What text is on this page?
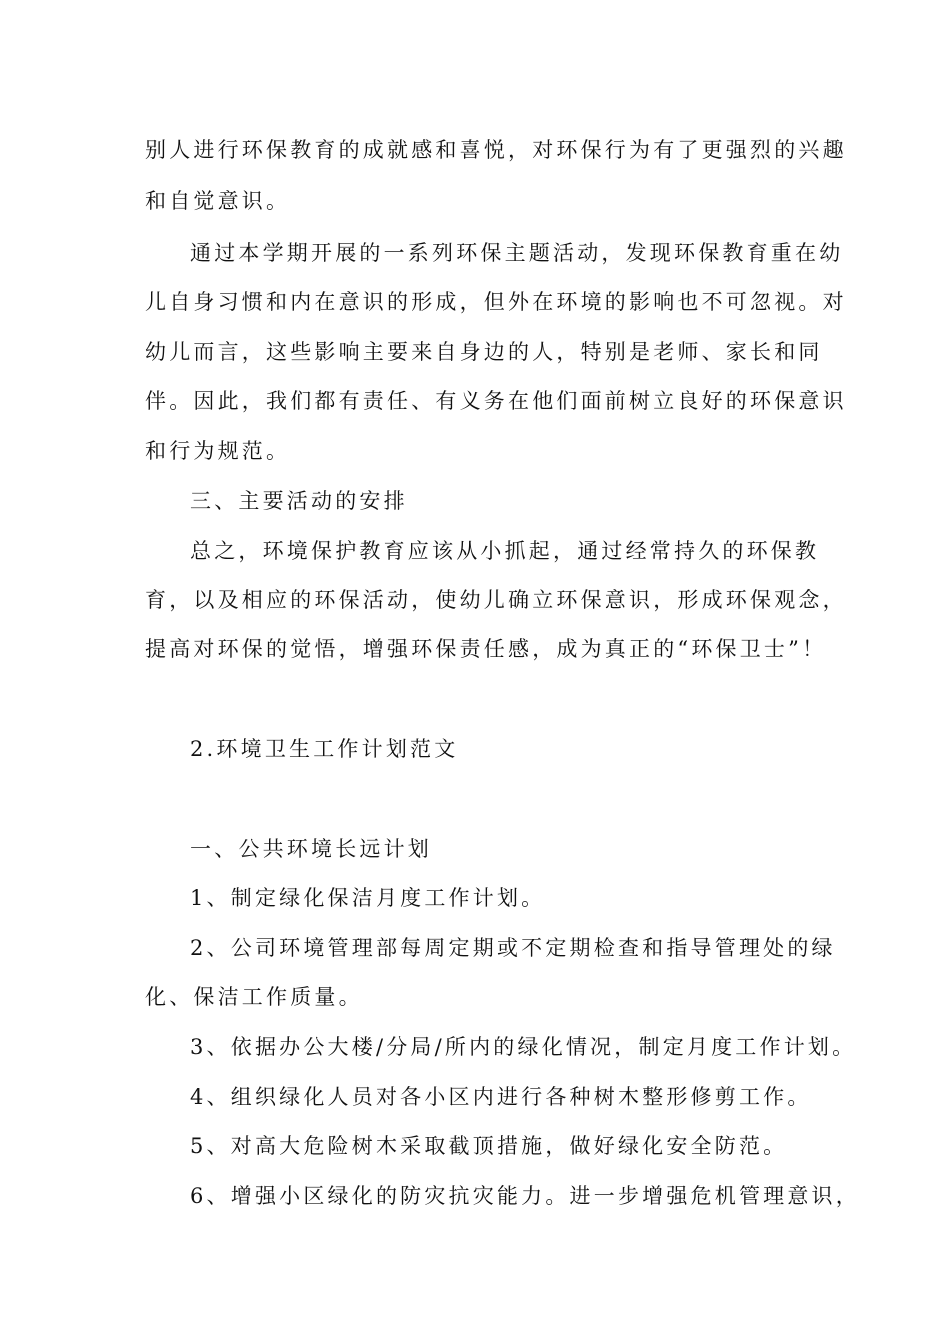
别人进行环保教育的成就感和喜悦，对环保行为有了更强烈的兴趣
和自觉意识。
通过本学期开展的一系列环保主题活动，发现环保教育重在幼
儿自身习惯和内在意识的形成，但外在环境的影响也不可忽视。对
幼儿而言，这些影响主要来自身边的人，特别是老师、家长和同
伴。因此，我们都有责任、有义务在他们面前树立良好的环保意识
和行为规范。
三、主要活动的安排
总之，环境保护教育应该从小抓起，通过经常持久的环保教
育，以及相应的环保活动，使幼儿确立环保意识，形成环保观念，
提高对环保的觉悟，增强环保责任感，成为真正的“环保卫士”！
2.环境卫生工作计划范文
一、公共环境长远计划
1、制定绿化保洁月度工作计划。
2、公司环境管理部每周定期或不定期检查和指导管理处的绿
化、保洁工作质量。
3、依据办公大楼/分局/所内的绿化情况，制定月度工作计划。
4、组织绿化人员对各小区内进行各种树木整形修剪工作。
5、对高大危险树木采取截顶措施，做好绿化安全防范。
6、增强小区绿化的防灾抗灾能力。进一步增强危机管理意识，
